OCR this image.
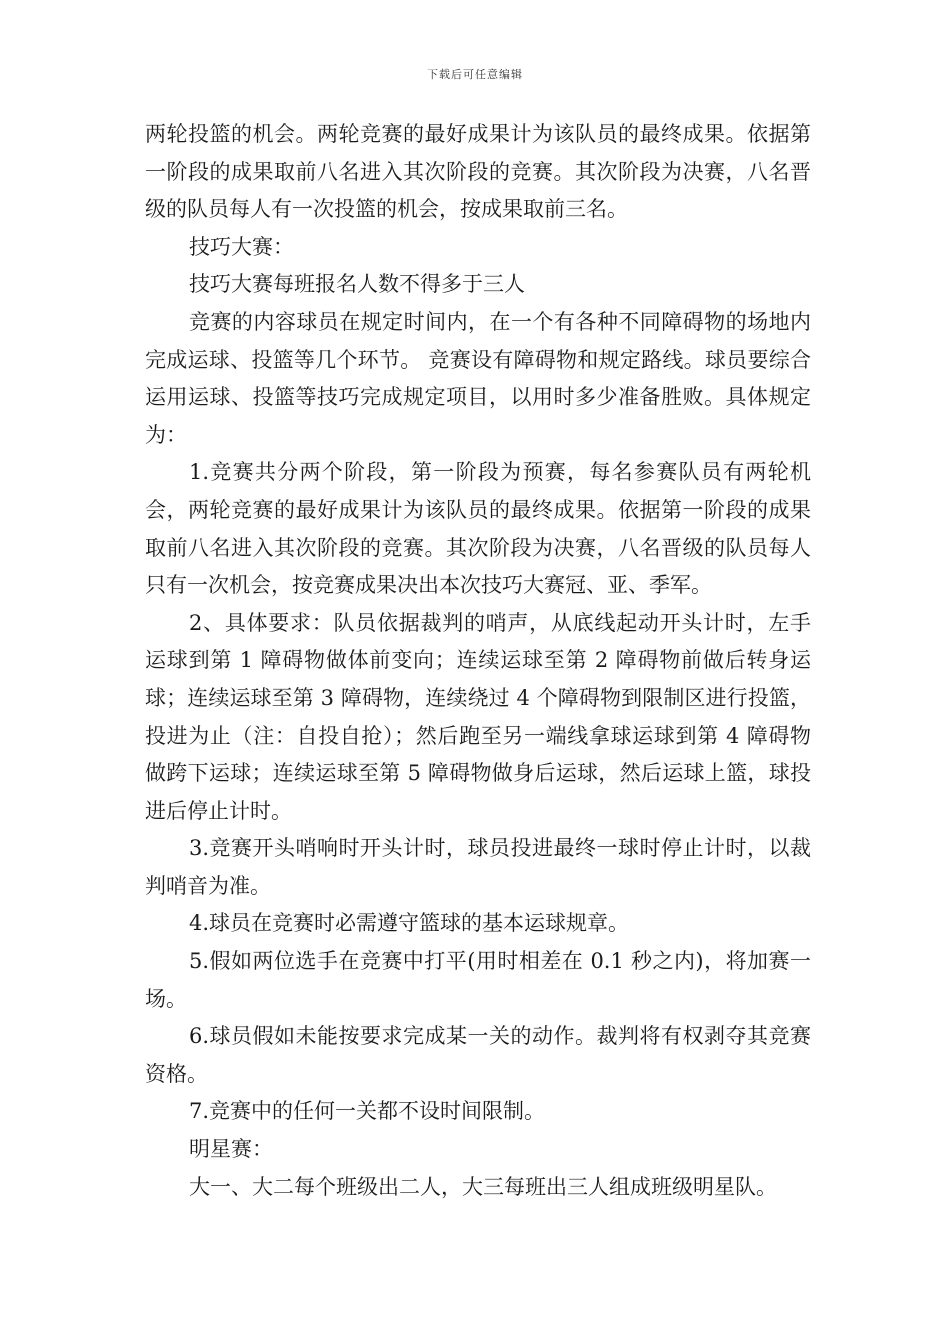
下载后可任意编辑

两轮投篮的机会。两轮竞赛的最好成果计为该队员的最终成果。依据第一阶段的成果取前八名进入其次阶段的竞赛。其次阶段为决赛，八名晋级的队员每人有一次投篮的机会，按成果取前三名。

技巧大赛：

技巧大赛每班报名人数不得多于三人

竞赛的内容球员在规定时间内，在一个有各种不同障碍物的场地内完成运球、投篮等几个环节。 竞赛设有障碍物和规定路线。球员要综合运用运球、投篮等技巧完成规定项目，以用时多少准备胜败。具体规定为：

1.竞赛共分两个阶段，第一阶段为预赛，每名参赛队员有两轮机会，两轮竞赛的最好成果计为该队员的最终成果。依据第一阶段的成果取前八名进入其次阶段的竞赛。其次阶段为决赛，八名晋级的队员每人只有一次机会，按竞赛成果决出本次技巧大赛冠、亚、季军。

2、具体要求：队员依据裁判的哨声，从底线起动开头计时，左手运球到第 1 障碍物做体前变向；连续运球至第 2 障碍物前做后转身运球；连续运球至第 3 障碍物，连续绕过 4 个障碍物到限制区进行投篮，投进为止（注：自投自抢）；然后跑至另一端线拿球运球到第 4 障碍物做跨下运球；连续运球至第 5 障碍物做身后运球，然后运球上篮，球投进后停止计时。

3.竞赛开头哨响时开头计时，球员投进最终一球时停止计时，以裁判哨音为准。

4.球员在竞赛时必需遵守篮球的基本运球规章。

5.假如两位选手在竞赛中打平(用时相差在 0.1 秒之内)，将加赛一场。

6.球员假如未能按要求完成某一关的动作。裁判将有权剥夺其竞赛资格。

7.竞赛中的任何一关都不设时间限制。

明星赛：

大一、大二每个班级出二人，大三每班出三人组成班级明星队。
